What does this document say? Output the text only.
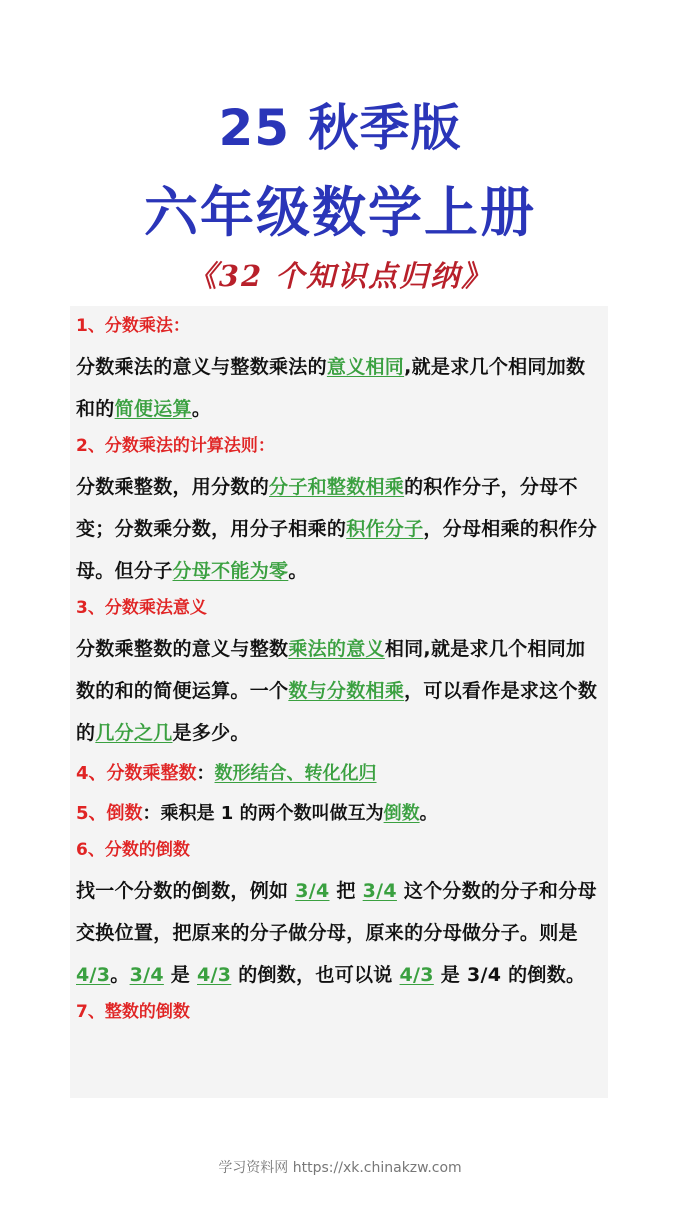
25 秋季版
六年级数学上册
《32 个知识点归纳》
1、分数乘法：
分数乘法的意义与整数乘法的意义相同,就是求几个相同加数和的简便运算。
2、分数乘法的计算法则：
分数乘整数，用分数的分子和整数相乘的积作分子，分母不变；分数乘分数，用分子相乘的积作分子，分母相乘的积作分母。但分子分母不能为零。
3、分数乘法意义
分数乘整数的意义与整数乘法的意义相同,就是求几个相同加数的和的简便运算。一个数与分数相乘，可以看作是求这个数的几分之几是多少。
4、分数乘整数：数形结合、转化化归
5、倒数：乘积是 1 的两个数叫做互为倒数。
6、分数的倒数
找一个分数的倒数，例如 3/4 把 3/4 这个分数的分子和分母交换位置，把原来的分子做分母，原来的分母做分子。则是 4/3。3/4 是 4/3 的倒数，也可以说 4/3 是 3/4 的倒数。
7、整数的倒数
学习资料网 https://xk.chinakzw.com
